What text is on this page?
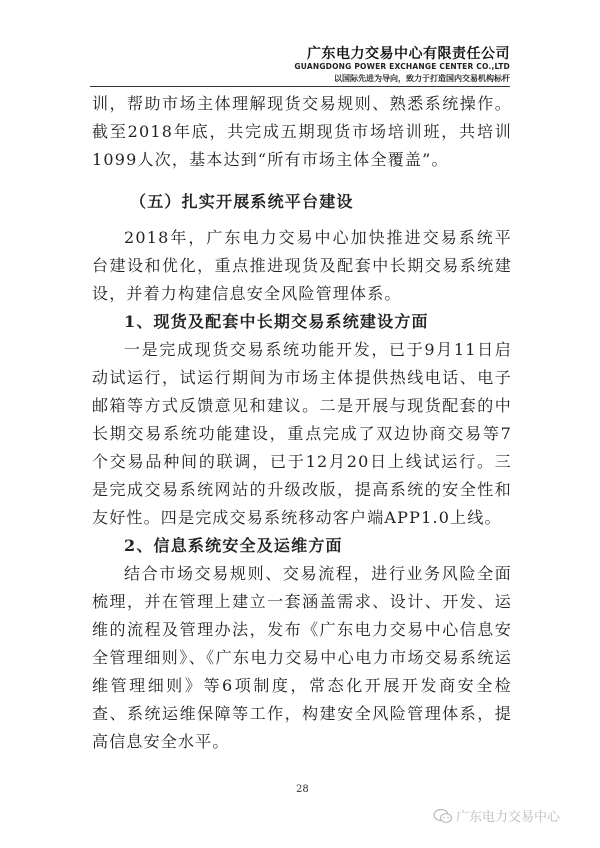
广东电力交易中心有限责任公司
GUANGDONG POWER EXCHANGE CENTER CO.,LTD
以国际先进为导向，致力于打造国内交易机构标杆

训，帮助市场主体理解现货交易规则、熟悉系统操作。截至2018年底，共完成五期现货市场培训班，共培训1099人次，基本达到“所有市场主体全覆盖”。

（五）扎实开展系统平台建设

2018年，广东电力交易中心加快推进交易系统平台建设和优化，重点推进现货及配套中长期交易系统建设，并着力构建信息安全风险管理体系。

1、现货及配套中长期交易系统建设方面

一是完成现货交易系统功能开发，已于9月11日启动试运行，试运行期间为市场主体提供热线电话、电子邮箱等方式反馈意见和建议。二是开展与现货配套的中长期交易系统功能建设，重点完成了双边协商交易等7个交易品种间的联调，已于12月20日上线试运行。三是完成交易系统网站的升级改版，提高系统的安全性和友好性。四是完成交易系统移动客户端APP1.0上线。

2、信息系统安全及运维方面

结合市场交易规则、交易流程，进行业务风险全面梳理，并在管理上建立一套涵盖需求、设计、开发、运维的流程及管理办法，发布《广东电力交易中心信息安全管理细则》、《广东电力交易中心电力市场交易系统运维管理细则》等6项制度，常态化开展开发商安全检查、系统运维保障等工作，构建安全风险管理体系，提高信息安全水平。

28
广东电力交易中心
